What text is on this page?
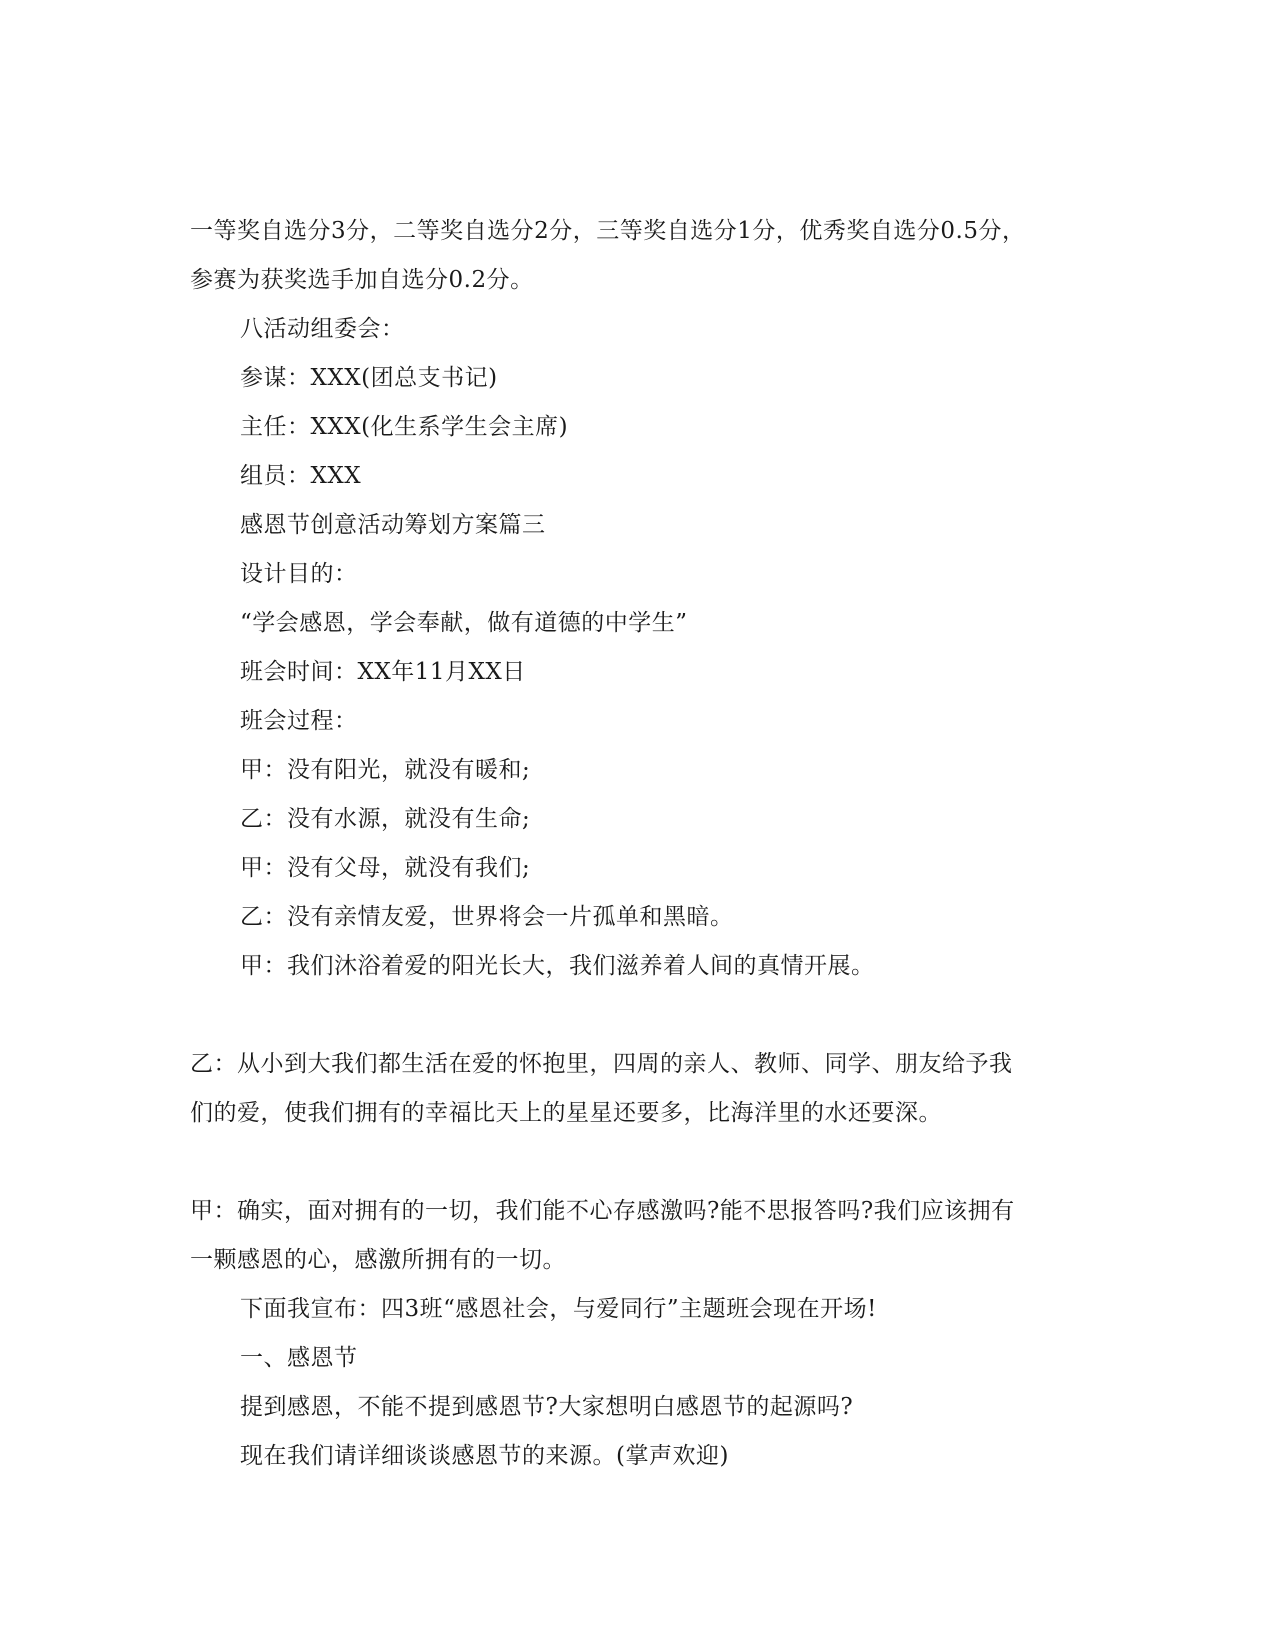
一等奖自选分3分，二等奖自选分2分，三等奖自选分1分，优秀奖自选分0.5分，
参赛为获奖选手加自选分0.2分。
八活动组委会：
参谋：XXX(团总支书记)
主任：XXX(化生系学生会主席)
组员：XXX
感恩节创意活动筹划方案篇三
设计目的：
“学会感恩，学会奉献，做有道德的中学生”
班会时间：XX年11月XX日
班会过程：
甲：没有阳光，就没有暖和;
乙：没有水源，就没有生命;
甲：没有父母，就没有我们;
乙：没有亲情友爱，世界将会一片孤单和黑暗。
甲：我们沐浴着爱的阳光长大，我们滋养着人间的真情开展。
乙：从小到大我们都生活在爱的怀抱里，四周的亲人、教师、同学、朋友给予我
们的爱，使我们拥有的幸福比天上的星星还要多，比海洋里的水还要深。
甲：确实，面对拥有的一切，我们能不心存感激吗?能不思报答吗?我们应该拥有
一颗感恩的心，感激所拥有的一切。
下面我宣布：四3班“感恩社会，与爱同行”主题班会现在开场!
一、感恩节
提到感恩，不能不提到感恩节?大家想明白感恩节的起源吗?
现在我们请详细谈谈感恩节的来源。(掌声欢迎)
